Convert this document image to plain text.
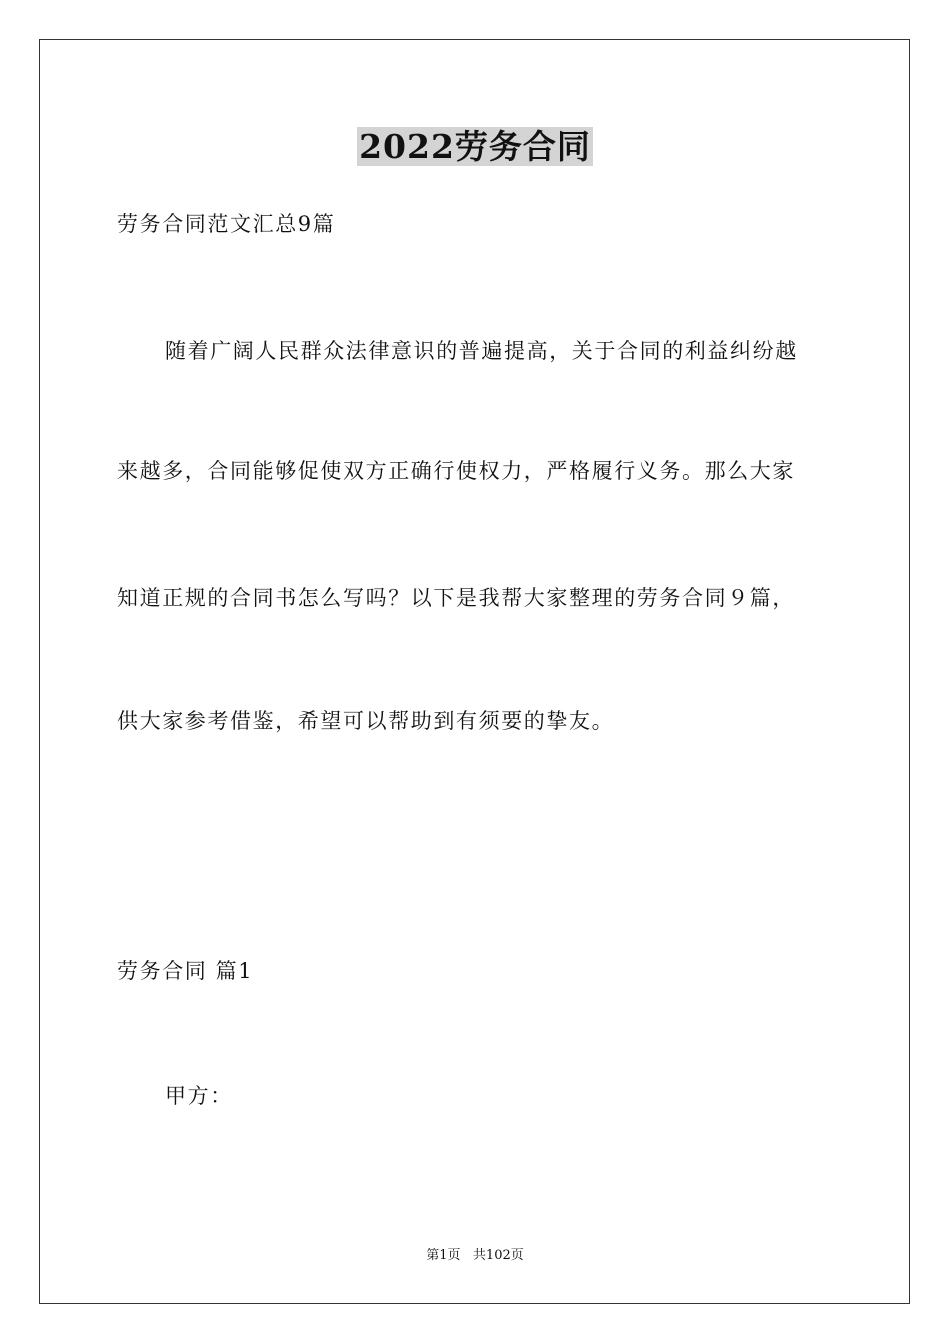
2022劳务合同
劳务合同范文汇总9篇
随着广阔人民群众法律意识的普遍提高，关于合同的利益纠纷越
来越多，合同能够促使双方正确行使权力，严格履行义务。那么大家
知道正规的合同书怎么写吗？以下是我帮大家整理的劳务合同９篇，
供大家参考借鉴，希望可以帮助到有须要的挚友。
劳务合同 篇1
甲方：
第1页   共102页
